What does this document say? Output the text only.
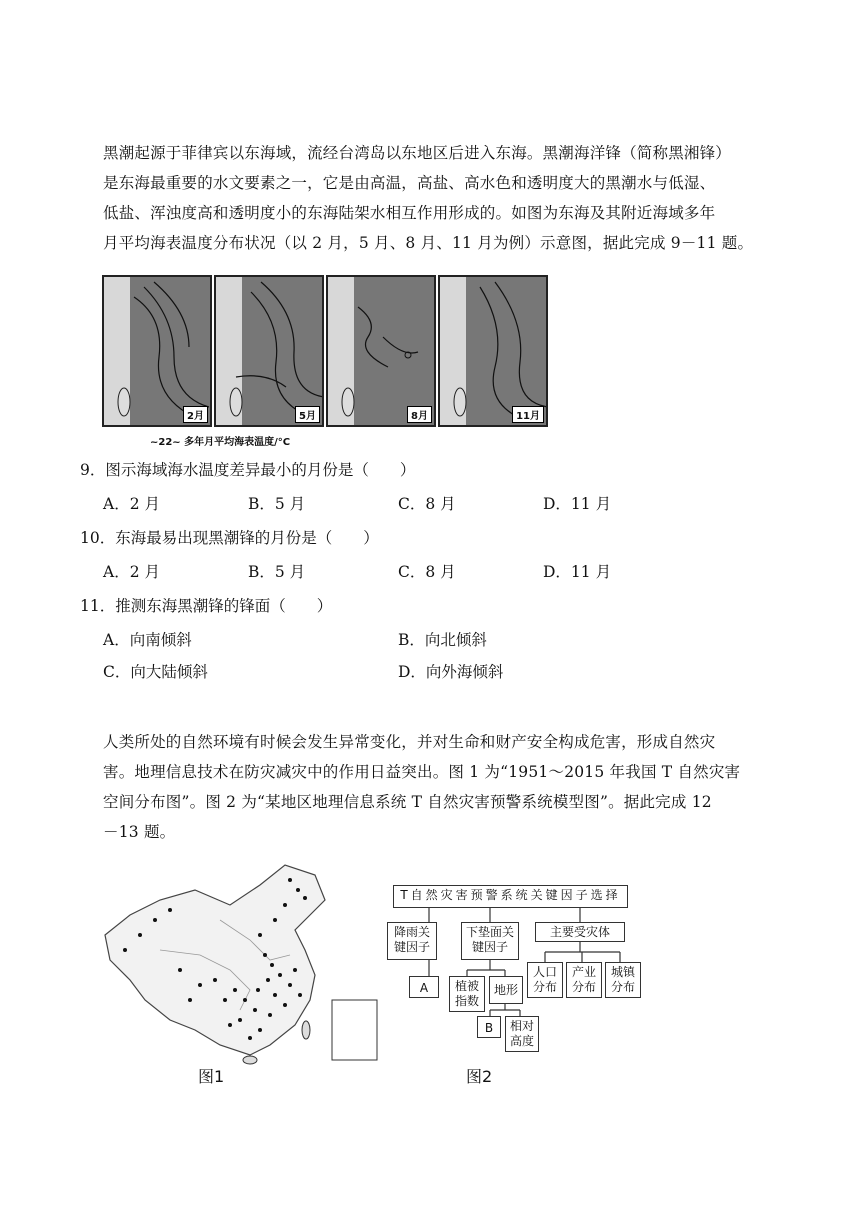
黑潮起源于菲律宾以东海域，流经台湾岛以东地区后进入东海。黑潮海洋锋（简称黑湘锋）

是东海最重要的水文要素之一，它是由高温，高盐、高水色和透明度大的黑潮水与低湿、

低盐、浑浊度高和透明度小的东海陆架水相互作用形成的。如图为东海及其附近海域多年

月平均海表温度分布状况（以 2 月，5 月、8 月、11 月为例）示意图，据此完成 9－11 题。

2月	5月	8月	11月
~22~ 多年月平均海表温度/°C
9．图示海域海水温度差异最小的月份是（　　）
A．2 月	B．5 月	C．8 月	D．11 月
10．东海最易出现黑潮锋的月份是（　　）
A．2 月	B．5 月	C．8 月	D．11 月
11．推测东海黑潮锋的锋面（　　）
A．向南倾斜	B．向北倾斜
C．向大陆倾斜	D．向外海倾斜

人类所处的自然环境有时候会发生异常变化，并对生命和财产安全构成危害，形成自然灾

害。地理信息技术在防灾减灾中的作用日益突出。图 1 为“1951～2015 年我国 T 自然灾害

空间分布图”。图 2 为“某地区地理信息系统 T 自然灾害预警系统模型图”。据此完成 12

－13 题。

图1
T自然灾害预警系统关键因子选择
降雨关键因子
下垫面关键因子
主要受灾体
A	植被指数
地形
人口分布
产业分布
城镇分布
B	相对高度
图2
